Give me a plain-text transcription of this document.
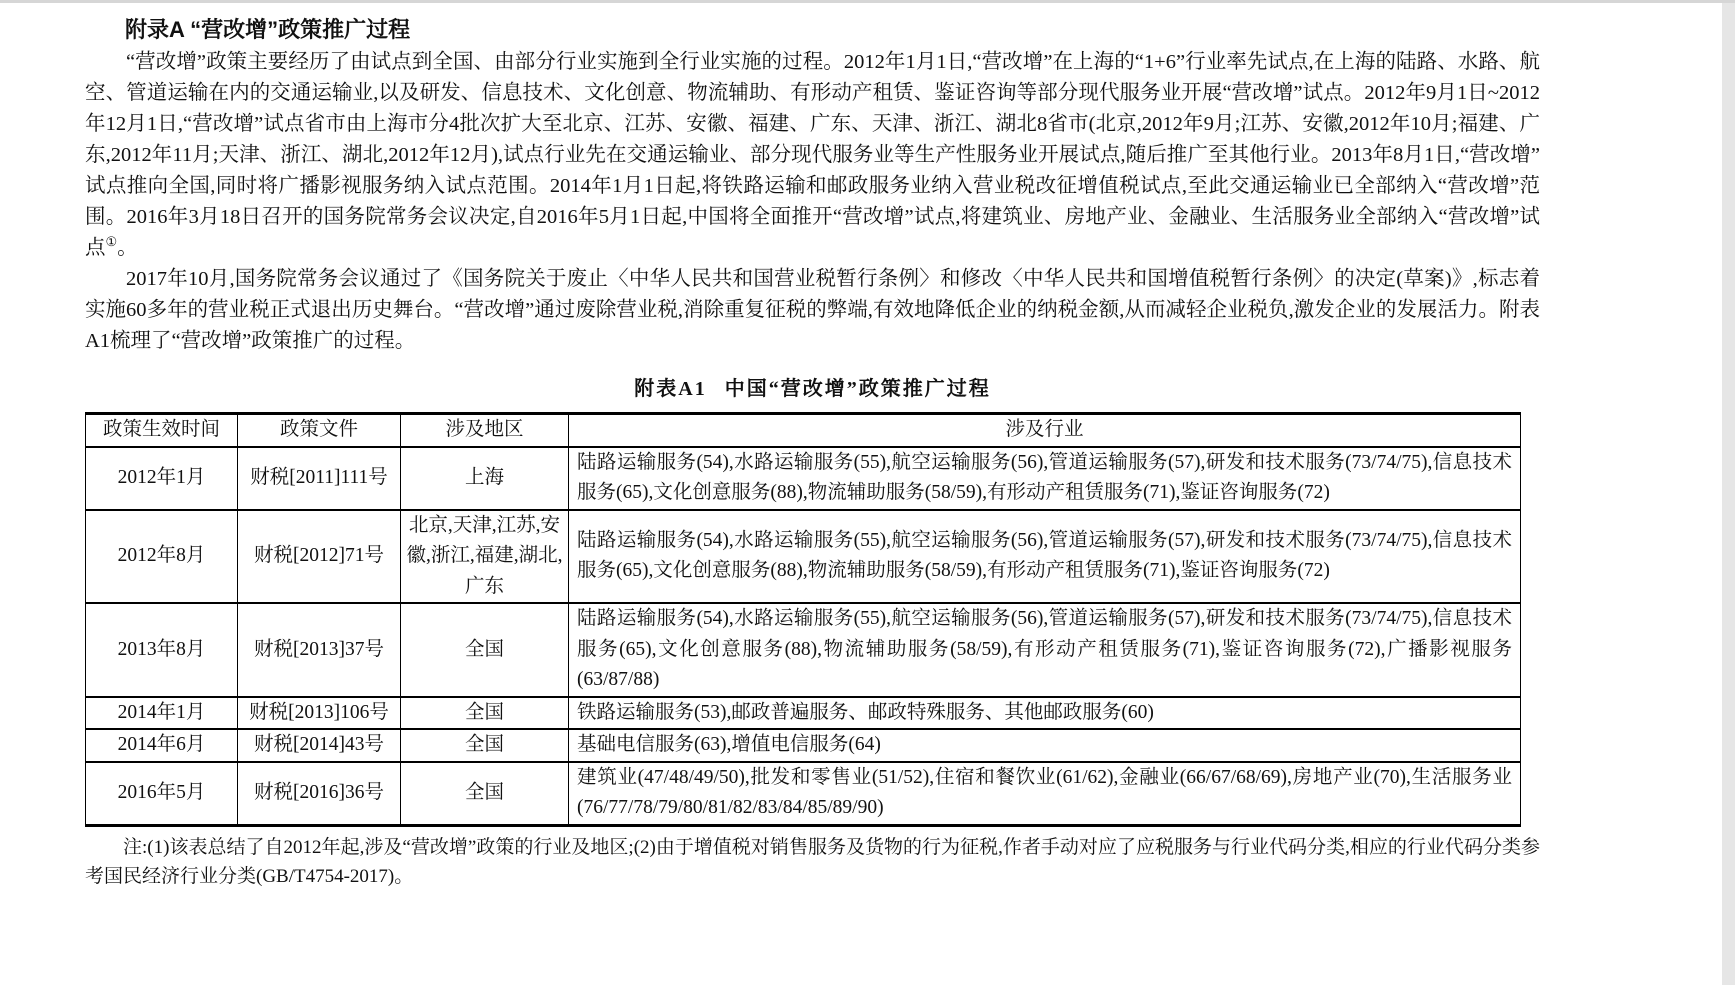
附录A “营改增”政策推广过程

“营改增”政策主要经历了由试点到全国、由部分行业实施到全行业实施的过程。2012年1月1日,“营改增”在上海的“1+6”行业率先试点,在上海的陆路、水路、航空、管道运输在内的交通运输业,以及研发、信息技术、文化创意、物流辅助、有形动产租赁、鉴证咨询等部分现代服务业开展“营改增”试点。2012年9月1日~2012年12月1日,“营改增”试点省市由上海市分4批次扩大至北京、江苏、安徽、福建、广东、天津、浙江、湖北8省市(北京,2012年9月;江苏、安徽,2012年10月;福建、广东,2012年11月;天津、浙江、湖北,2012年12月),试点行业先在交通运输业、部分现代服务业等生产性服务业开展试点,随后推广至其他行业。2013年8月1日,“营改增”试点推向全国,同时将广播影视服务纳入试点范围。2014年1月1日起,将铁路运输和邮政服务业纳入营业税改征增值税试点,至此交通运输业已全部纳入“营改增”范围。2016年3月18日召开的国务院常务会议决定,自2016年5月1日起,中国将全面推开“营改增”试点,将建筑业、房地产业、金融业、生活服务业全部纳入“营改增”试点①。

2017年10月,国务院常务会议通过了《国务院关于废止〈中华人民共和国营业税暂行条例〉和修改〈中华人民共和国增值税暂行条例〉的决定(草案)》,标志着实施60多年的营业税正式退出历史舞台。“营改增”通过废除营业税,消除重复征税的弊端,有效地降低企业的纳税金额,从而减轻企业税负,激发企业的发展活力。附表A1梳理了“营改增”政策推广的过程。

附表A1 中国“营改增”政策推广过程
政策生效时间	政策文件	涉及地区	涉及行业
2012年1月	财税[2011]111号	上海	陆路运输服务(54),水路运输服务(55),航空运输服务(56),管道运输服务(57),研发和技术服务(73/74/75),信息技术服务(65),文化创意服务(88),物流辅助服务(58/59),有形动产租赁服务(71),鉴证咨询服务(72)
2012年8月	财税[2012]71号	北京,天津,江苏,安徽,浙江,福建,湖北,广东	陆路运输服务(54),水路运输服务(55),航空运输服务(56),管道运输服务(57),研发和技术服务(73/74/75),信息技术服务(65),文化创意服务(88),物流辅助服务(58/59),有形动产租赁服务(71),鉴证咨询服务(72)
2013年8月	财税[2013]37号	全国	陆路运输服务(54),水路运输服务(55),航空运输服务(56),管道运输服务(57),研发和技术服务(73/74/75),信息技术服务(65),文化创意服务(88),物流辅助服务(58/59),有形动产租赁服务(71),鉴证咨询服务(72),广播影视服务(63/87/88)
2014年1月	财税[2013]106号	全国	铁路运输服务(53),邮政普遍服务、邮政特殊服务、其他邮政服务(60)
2014年6月	财税[2014]43号	全国	基础电信服务(63),增值电信服务(64)
2016年5月	财税[2016]36号	全国	建筑业(47/48/49/50),批发和零售业(51/52),住宿和餐饮业(61/62),金融业(66/67/68/69),房地产业(70),生活服务业(76/77/78/79/80/81/82/83/84/85/89/90)

注:(1)该表总结了自2012年起,涉及“营改增”政策的行业及地区;(2)由于增值税对销售服务及货物的行为征税,作者手动对应了应税服务与行业代码分类,相应的行业代码分类参考国民经济行业分类(GB/T4754-2017)。
